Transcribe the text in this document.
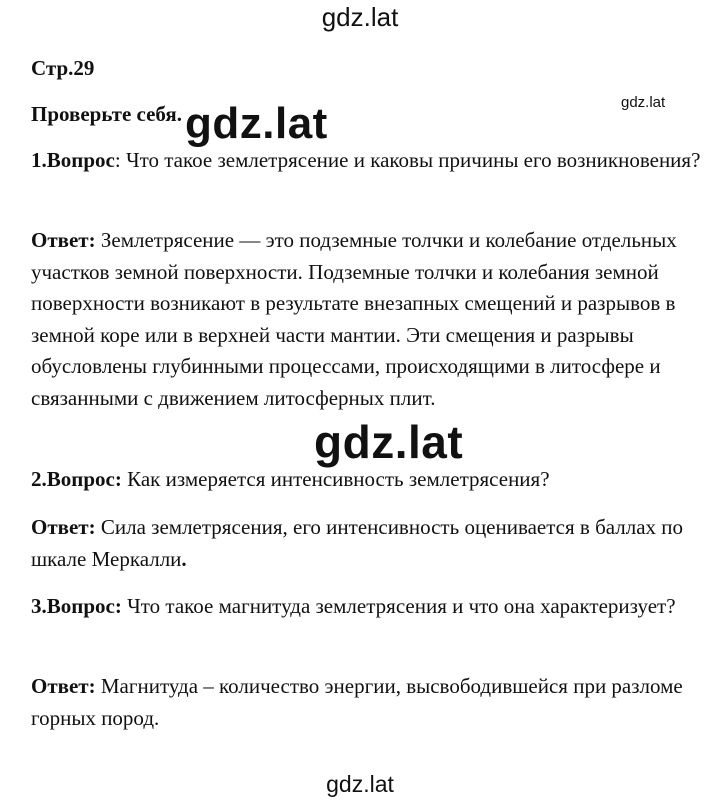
gdz.lat
Стр.29
Проверьте себя. gdz.lat	gdz.lat
1.Вопрос: Что такое землетрясение и каковы причины его возникновения?
Ответ: Землетрясение — это подземные толчки и колебание отдельных участков земной поверхности. Подземные толчки и колебания земной поверхности возникают в результате внезапных смещений и разрывов в земной коре или в верхней части мантии. Эти смещения и разрывы обусловлены глубинными процессами, происходящими в литосфере и связанными с движением литосферных плит.
gdz.lat
2.Вопрос: Как измеряется интенсивность землетрясения?
Ответ: Сила землетрясения, его интенсивность оценивается в баллах по шкале Меркалли.
3.Вопрос: Что такое магнитуда землетрясения и что она характеризует?
Ответ: Магнитуда – количество энергии, высвободившейся при разломе горных пород.
gdz.lat
